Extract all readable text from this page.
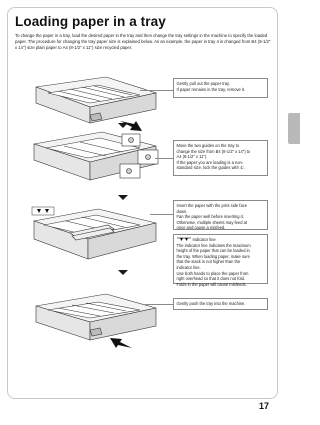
Loading paper in a tray

To change the paper in a tray, load the desired paper in the tray and then change the tray settings in the machine to specify the loaded paper. The procedure for changing the tray paper size is explained below. As an example, the paper in tray 4 is changed from B4 (8-1/2" x 14") size plain paper to A4 (8-1/2" x 11") size recycled paper.

Gently pull out the paper tray.

If paper remains in the tray, remove it.

Move the two guides on the tray to

change the size from B4 (8-1/2" x 14") to

A4 (8-1/2" x 11").

If the paper you are loading is a non-

standard size, lock the guides with ①.

Insert the paper with the print side face

down.

Fan the paper well before inserting it.

Otherwise, multiple sheets may feed at

once and cause a misfeed.

Indicator line

The indicator line indicates the maximum

height of the paper that can be loaded in

the tray. When loading paper, make sure

that the stack is not higher than the

indicator line.

Use both hands to place the paper from

right overhead so that it does not fold.

Folds in the paper will cause misfeeds.

Gently push the tray into the machine.

17
